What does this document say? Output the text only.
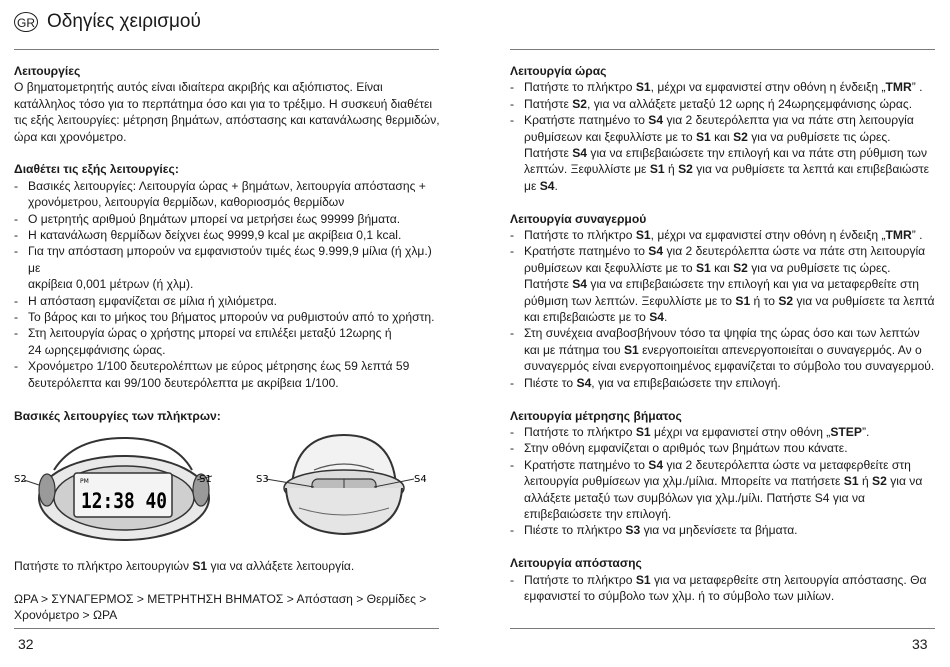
GR Οδηγίες χειρισμού
Λειτουργίες

Ο βηματομετρητής αυτός είναι ιδιαίτερα ακριβής και αξιόπιστος. Είναι
κατάλληλος τόσο για το περπάτημα όσο και για το τρέξιμο. Η συσκευή διαθέτει
τις εξής λειτουργίες: μέτρηση βημάτων, απόστασης και κατανάλωσης θερμιδών,
ώρα και χρονόμετρο.

Διαθέτει τις εξής λειτουργίες:
- Βασικές λειτουργίες: Λειτουργία ώρας + βημάτων, λειτουργία απόστασης +
χρονόμετρου, λειτουργία θερμίδων, καθοριοσμός θερμίδων
- Ο μετρητής αριθμού βημάτων μπορεί να μετρήσει έως 99999 βήματα.
- Η κατανάλωση θερμίδων δείχνει έως 9999,9 kcal με ακρίβεια 0,1 kcal.
- Για την απόσταση μπορούν να εμφανιστούν τιμές έως 9.999,9 μίλια (ή χλμ.) με
ακρίβεια 0,001 μέτρων (ή χλμ).
- Η απόσταση εμφανίζεται σε μίλια ή χιλιόμετρα.
- Το βάρος και το μήκος του βήματος μπορούν να ρυθμιστούν από το χρήστη.
- Στη λειτουργία ώρας ο χρήστης μπορεί να επιλέξει μεταξύ 12ωρης ή
24 ωρηςεμφάνισης ώρας.
- Χρονόμετρο 1/100 δευτερολέπτων με εύρος μέτρησης έως 59 λεπτά 59
δευτερόλεπτα και 99/100 δευτερόλεπτα με ακρίβεια 1/100.
Βασικές λειτουργίες των πλήκτρων:
PM
12:38 40
S2	S1	S3	S4

Πατήστε το πλήκτρο λειτουργιών S1 για να αλλάξετε λειτουργία.

ΩΡΑ > ΣΥΝΑΓΕΡΜΟΣ > ΜΕΤΡΗΤΗΣΗ ΒΗΜΑΤΟΣ > Απόσταση > Θερμίδες >
Χρονόμετρο > ΩΡΑ

Λειτουργία ώρας
- Πατήστε το πλήκτρο S1, μέχρι να εμφανιστεί στην οθόνη η ένδειξη „TMR” .
- Πατήστε S2, για να αλλάξετε μεταξύ 12 ωρης ή 24ωρηςεμφάνισης ώρας.
- Κρατήστε πατημένο το S4 για 2 δευτερόλεπτα για να πάτε στη λειτουργία
ρυθμίσεων και ξεφυλλίστε με το S1 και S2 για να ρυθμίσετε τις ώρες.
Πατήστε S4 για να επιβεβαιώσετε την επιλογή και να πάτε στη ρύθμιση των
λεπτών. Ξεφυλλίστε με S1 ή S2 για να ρυθμίσετε τα λεπτά και επιβεβαιώστε
με S4.
Λειτουργία συναγερμού
- Πατήστε το πλήκτρο S1, μέχρι να εμφανιστεί στην οθόνη η ένδειξη „TMR” .
- Κρατήστε πατημένο το S4 για 2 δευτερόλεπτα ώστε να πάτε στη λειτουργία
ρυθμίσεων και ξεφυλλίστε με το S1 και S2 για να ρυθμίσετε τις ώρες.
Πατήστε S4 για να επιβεβαιώσετε την επιλογή και για να μεταφερθείτε στη
ρύθμιση των λεπτών. Ξεφυλλίστε με το S1 ή το S2 για να ρυθμίσετε τα λεπτά
και επιβεβαιώστε με το S4.
- Στη συνέχεια αναβοσβήνουν τόσο τα ψηφία της ώρας όσο και των λεπτών
και με πάτημα του S1 ενεργοποιείται απενεργοποιείται ο συναγερμός. Αν ο
συναγερμός είναι ενεργοποιημένος εμφανίζεται το σύμβολο του συναγερμού.
- Πιέστε το S4, για να επιβεβαιώσετε την επιλογή.
Λειτουργία μέτρησης βήματος
- Πατήστε το πλήκτρο S1 μέχρι να εμφανιστεί στην οθόνη „STEP”.
- Στην οθόνη εμφανίζεται ο αριθμός των βημάτων που κάνατε.
- Κρατήστε πατημένο το S4 για 2 δευτερόλεπτα ώστε να μεταφερθείτε στη
λειτουργία ρυθμίσεων για χλμ./μίλια. Μπορείτε να πατήσετε S1 ή S2 για να
αλλάξετε μεταξύ των συμβόλων για χλμ./μίλι. Πατήστε S4 για να
επιβεβαιώσετε την επιλογή.
- Πιέστε το πλήκτρο S3 για να μηδενίσετε τα βήματα.
Λειτουργία απόστασης
- Πατήστε το πλήκτρο S1 για να μεταφερθείτε στη λειτουργία απόστασης. Θα
εμφανιστεί το σύμβολο των χλμ. ή το σύμβολο των μιλίων.
32	33
